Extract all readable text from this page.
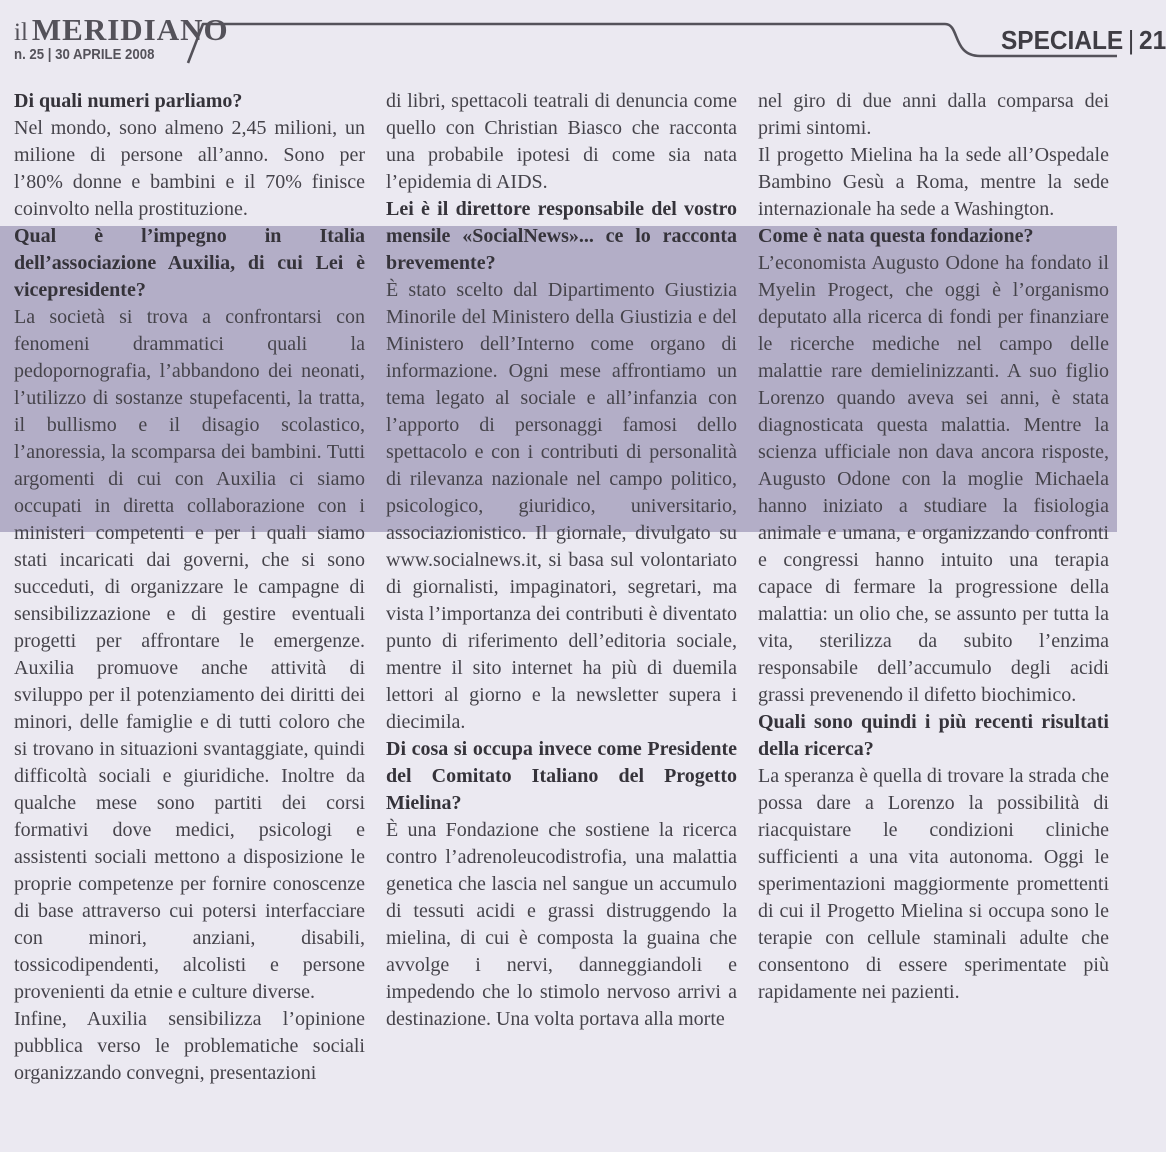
il MERIDIANO
n. 25 | 30 APRILE 2008	SPECIALE | 21

Di quali numeri parliamo?

Nel mondo, sono almeno 2,45 milioni, un milione di persone all’anno. Sono per l’80% donne e bambini e il 70% finisce coinvolto nella prostituzione.

Qual è l’impegno in Italia dell’associazione Auxilia, di cui Lei è vicepresidente?

La società si trova a confrontarsi con fenomeni drammatici quali la pedopornografia, l’abbandono dei neonati, l’utilizzo di sostanze stupefacenti, la tratta, il bullismo e il disagio scolastico, l’anoressia, la scomparsa dei bambini. Tutti argomenti di cui con Auxilia ci siamo occupati in diretta collaborazione con i ministeri competenti e per i quali siamo stati incaricati dai governi, che si sono succeduti, di organizzare le campagne di sensibilizzazione e di gestire eventuali progetti per affrontare le emergenze. Auxilia promuove anche attività di sviluppo per il potenziamento dei diritti dei minori, delle famiglie e di tutti coloro che si trovano in situazioni svantaggiate, quindi difficoltà sociali e giuridiche. Inoltre da qualche mese sono partiti dei corsi formativi dove medici, psicologi e assistenti sociali mettono a disposizione le proprie competenze per fornire conoscenze di base attraverso cui potersi interfacciare con minori, anziani, disabili, tossicodipendenti, alcolisti e persone provenienti da etnie e culture diverse.

Infine, Auxilia sensibilizza l’opinione pubblica verso le problematiche sociali organizzando convegni, presentazioni

di libri, spettacoli teatrali di denuncia come quello con Christian Biasco che racconta una probabile ipotesi di come sia nata l’epidemia di AIDS.

Lei è il direttore responsabile del vostro mensile «SocialNews»... ce lo racconta brevemente?

È stato scelto dal Dipartimento Giustizia Minorile del Ministero della Giustizia e del Ministero dell’Interno come organo di informazione. Ogni mese affrontiamo un tema legato al sociale e all’infanzia con l’apporto di personaggi famosi dello spettacolo e con i contributi di personalità di rilevanza nazionale nel campo politico, psicologico, giuridico, universitario, associazionistico. Il giornale, divulgato su www.socialnews.it, si basa sul volontariato di giornalisti, impaginatori, segretari, ma vista l’importanza dei contributi è diventato punto di riferimento dell’editoria sociale, mentre il sito internet ha più di duemila lettori al giorno e la newsletter supera i diecimila.

Di cosa si occupa invece come Presidente del Comitato Italiano del Progetto Mielina?

È una Fondazione che sostiene la ricerca contro l’adrenoleucodistrofia, una malattia genetica che lascia nel sangue un accumulo di tessuti acidi e grassi distruggendo la mielina, di cui è composta la guaina che avvolge i nervi, danneggiandoli e impedendo che lo stimolo nervoso arrivi a destinazione. Una volta portava alla morte

nel giro di due anni dalla comparsa dei primi sintomi.

Il progetto Mielina ha la sede all’Ospedale Bambino Gesù a Roma, mentre la sede internazionale ha sede a Washington.

Come è nata questa fondazione?

L’economista Augusto Odone ha fondato il Myelin Progect, che oggi è l’organismo deputato alla ricerca di fondi per finanziare le ricerche mediche nel campo delle malattie rare demielinizzanti. A suo figlio Lorenzo quando aveva sei anni, è stata diagnosticata questa malattia. Mentre la scienza ufficiale non dava ancora risposte, Augusto Odone con la moglie Michaela hanno iniziato a studiare la fisiologia animale e umana, e organizzando confronti e congressi hanno intuito una terapia capace di fermare la progressione della malattia: un olio che, se assunto per tutta la vita, sterilizza da subito l’enzima responsabile dell’accumulo degli acidi grassi prevenendo il difetto biochimico.

Quali sono quindi i più recenti risultati della ricerca?

La speranza è quella di trovare la strada che possa dare a Lorenzo la possibilità di riacquistare le condizioni cliniche sufficienti a una vita autonoma. Oggi le sperimentazioni maggiormente promettenti di cui il Progetto Mielina si occupa sono le terapie con cellule staminali adulte che consentono di essere sperimentate più rapidamente nei pazienti.
